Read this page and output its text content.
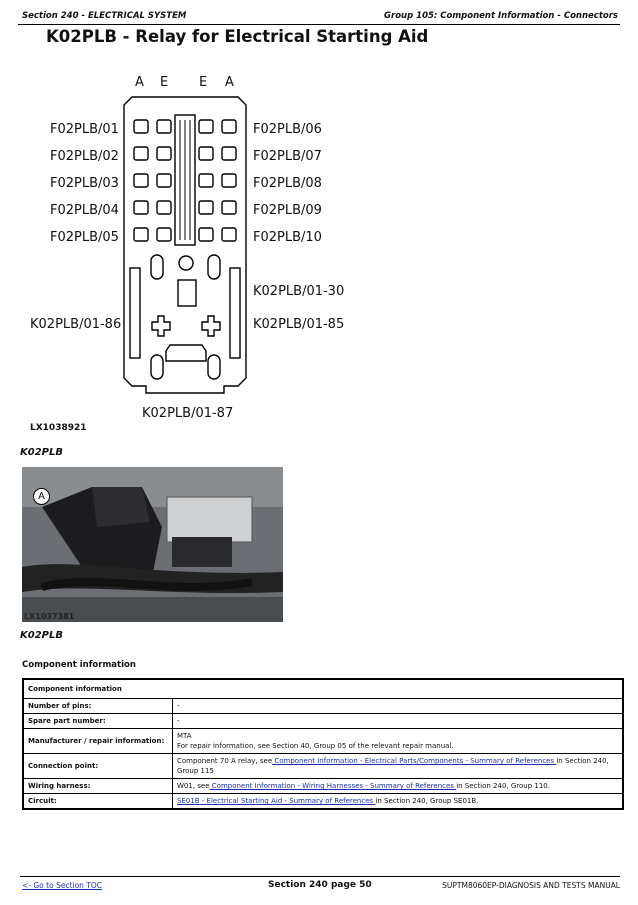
Section 240 - ELECTRICAL SYSTEM	Group 105: Component Information - Connectors
K02PLB - Relay for Electrical Starting Aid
A E E A
F02PLB/01
F02PLB/02
F02PLB/03
F02PLB/04
F02PLB/05
F02PLB/06
F02PLB/07
F02PLB/08
F02PLB/09
F02PLB/10
K02PLB/01-30
K02PLB/01-86	K02PLB/01-85
K02PLB/01-87
LX1038921
K02PLB
A
LX1037381
K02PLB
Component information
Component information	
Number of pins:	-
Spare part number:	-
Manufacturer / repair information:	MTA
For repair information, see Section 40, Group 05 of the relevant repair manual.

Connection point:	Component 70 A relay, see Component Information - Electrical Parts/Components - Summary of References in Section 240,
Group 115

Wiring harness:	W01, see Component Information - Wiring Harnesses - Summary of References in Section 240, Group 110.
Circuit:	SE01B - Electrical Starting Aid - Summary of References in Section 240, Group SE01B.
<- Go to Section TOC	Section 240 page 50	SUPTM8060EP-DIAGNOSIS AND TESTS MANUAL
